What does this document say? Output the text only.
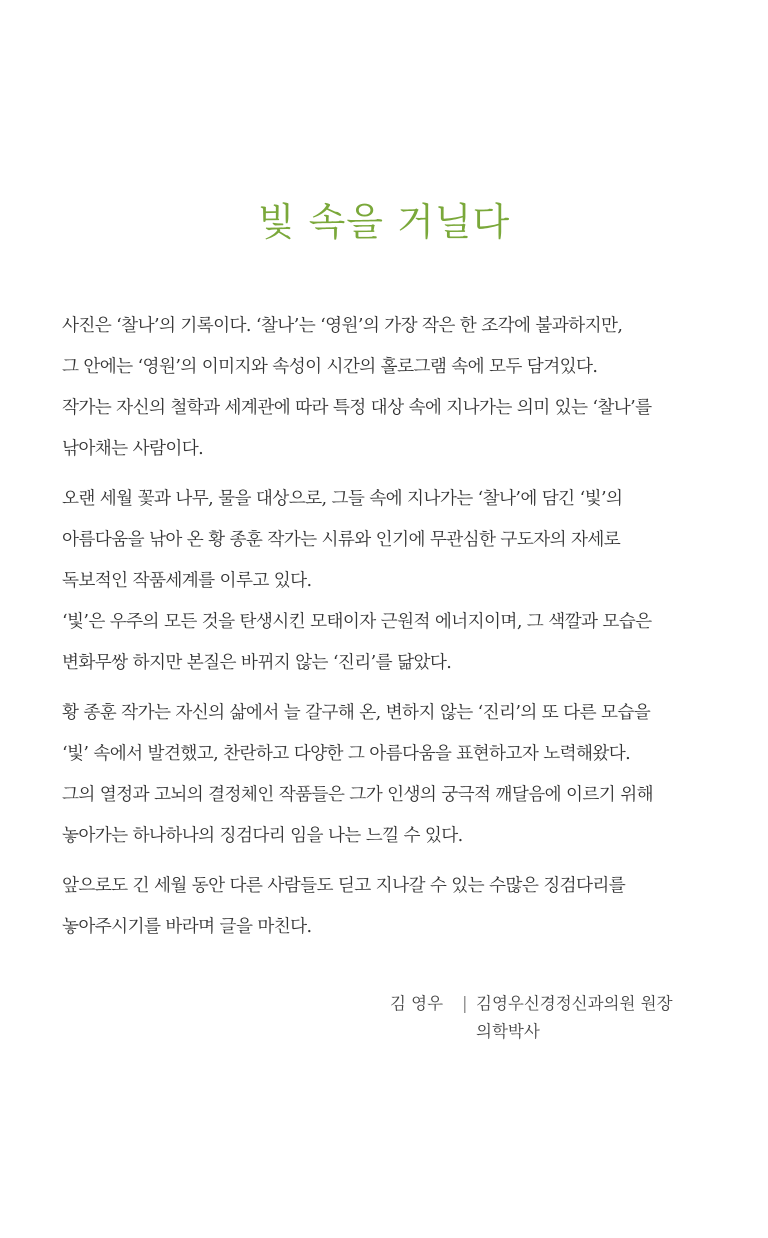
빛 속을 거닐다

사진은 ‘찰나’의 기록이다. ‘찰나’는 ‘영원’의 가장 작은 한 조각에 불과하지만,
그 안에는 ‘영원’의 이미지와 속성이 시간의 홀로그램 속에 모두 담겨있다.
작가는 자신의 철학과 세계관에 따라 특정 대상 속에 지나가는 의미 있는 ‘찰나’를
낚아채는 사람이다.

오랜 세월 꽃과 나무, 물을 대상으로, 그들 속에 지나가는 ‘찰나’에 담긴 ‘빛’의
아름다움을 낚아 온 황 종훈 작가는 시류와 인기에 무관심한 구도자의 자세로
독보적인 작품세계를 이루고 있다.
‘빛’은 우주의 모든 것을 탄생시킨 모태이자 근원적 에너지이며, 그 색깔과 모습은
변화무쌍 하지만 본질은 바뀌지 않는 ‘진리’를 닮았다.

황 종훈 작가는 자신의 삶에서 늘 갈구해 온, 변하지 않는 ‘진리’의 또 다른 모습을
‘빛’ 속에서 발견했고, 찬란하고 다양한 그 아름다움을 표현하고자 노력해왔다.
그의 열정과 고뇌의 결정체인 작품들은 그가 인생의 궁극적 깨달음에 이르기 위해
놓아가는 하나하나의 징검다리 임을 나는 느낄 수 있다.

앞으로도 긴 세월 동안 다른 사람들도 딛고 지나갈 수 있는 수많은 징검다리를
놓아주시기를 바라며 글을 마친다.

김 영우 | 김영우신경정신과의원 원장
의학박사
